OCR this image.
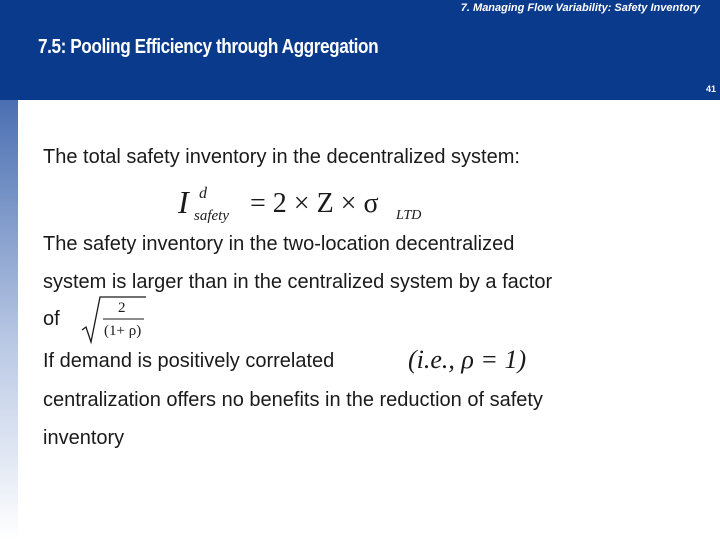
7. Managing Flow Variability: Safety Inventory
7.5: Pooling Efficiency through Aggregation
41
The total safety inventory in the decentralized system:
I d
safety = 2 × Z × σ LTD
The safety inventory in the two-location decentralized
system is larger than in the centralized system by a factor
of	2
(1+ ρ)
If demand is positively correlated	(i.e., ρ = 1)
centralization offers no benefits in the reduction of safety
inventory
